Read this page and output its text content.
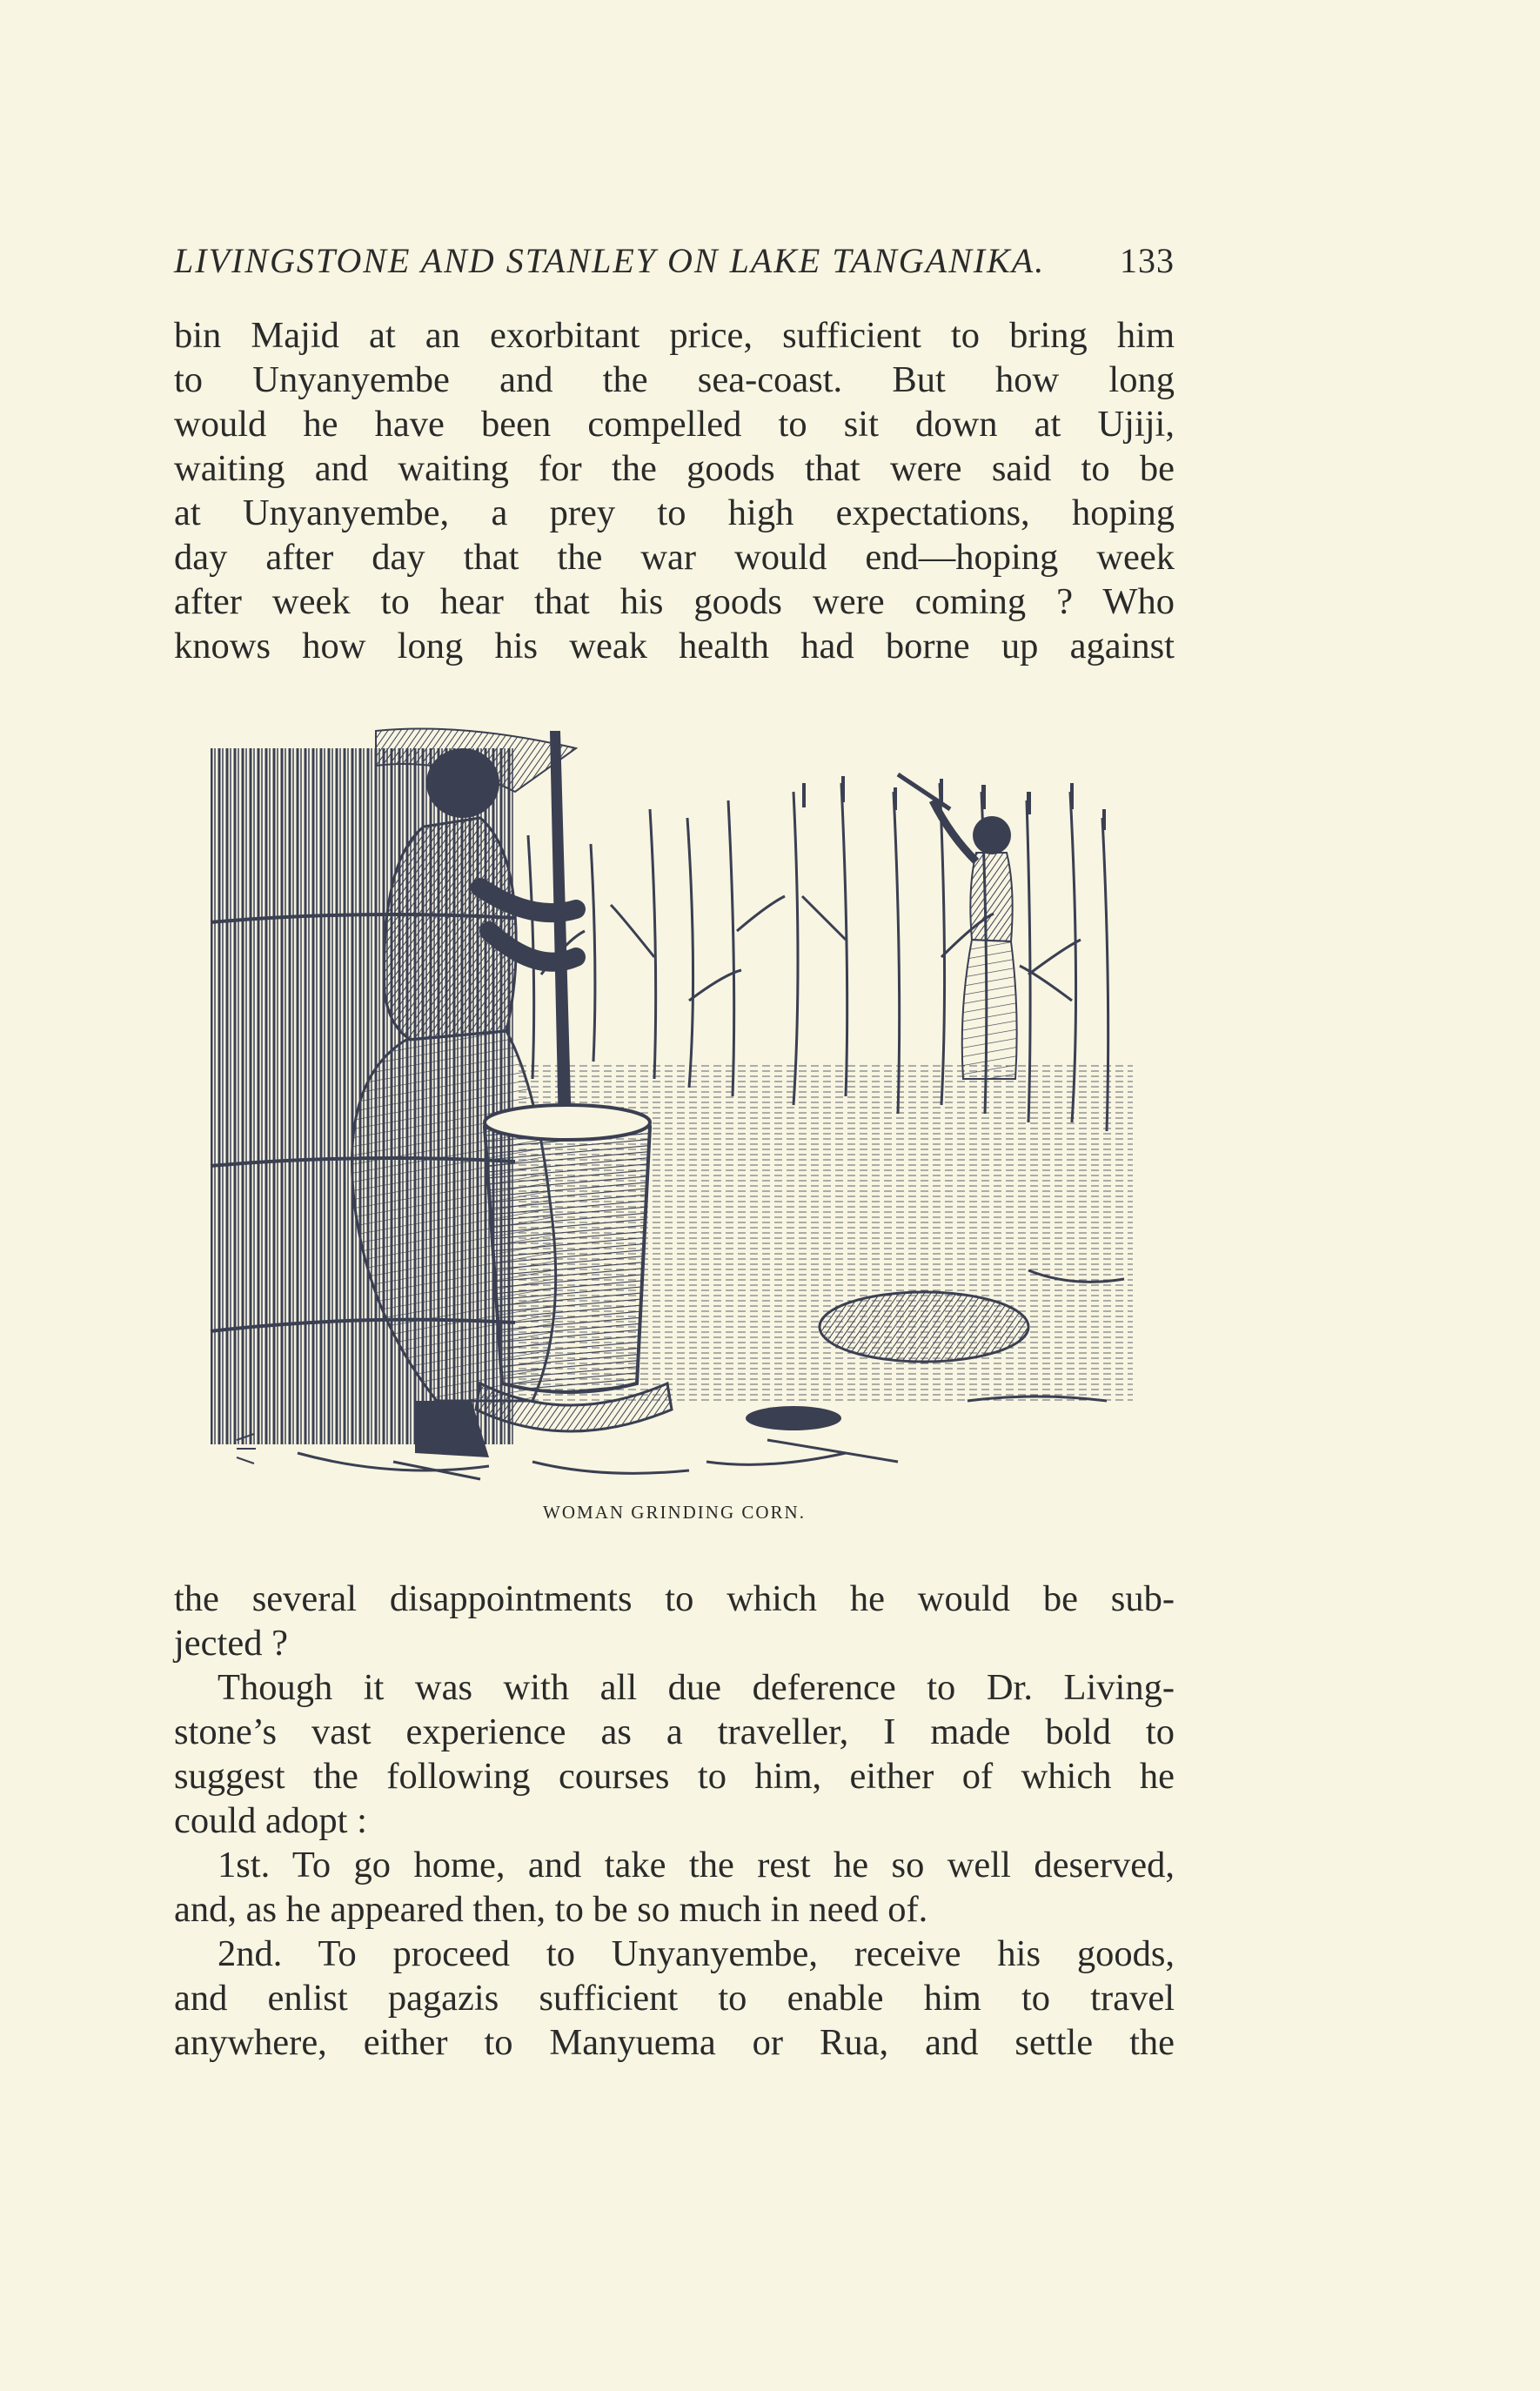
LIVINGSTONE AND STANLEY ON LAKE TANGANIKA. 133
bin Majid at an exorbitant price, sufficient to bring him
to Unyanyembe and the sea-coast. But how long
would he have been compelled to sit down at Ujiji,
waiting and waiting for the goods that were said to be
at Unyanyembe, a prey to high expectations, hoping
day after day that the war would end—hoping week
after week to hear that his goods were coming ? Who
knows how long his weak health had borne up against
WOMAN GRINDING CORN.
the several disappointments to which he would be sub-
jected ?
Though it was with all due deference to Dr. Living-
stone’s vast experience as a traveller, I made bold to
suggest the following courses to him, either of which he
could adopt :
1st. To go home, and take the rest he so well deserved,
and, as he appeared then, to be so much in need of.
2nd. To proceed to Unyanyembe, receive his goods,
and enlist pagazis sufficient to enable him to travel
anywhere, either to Manyuema or Rua, and settle the
